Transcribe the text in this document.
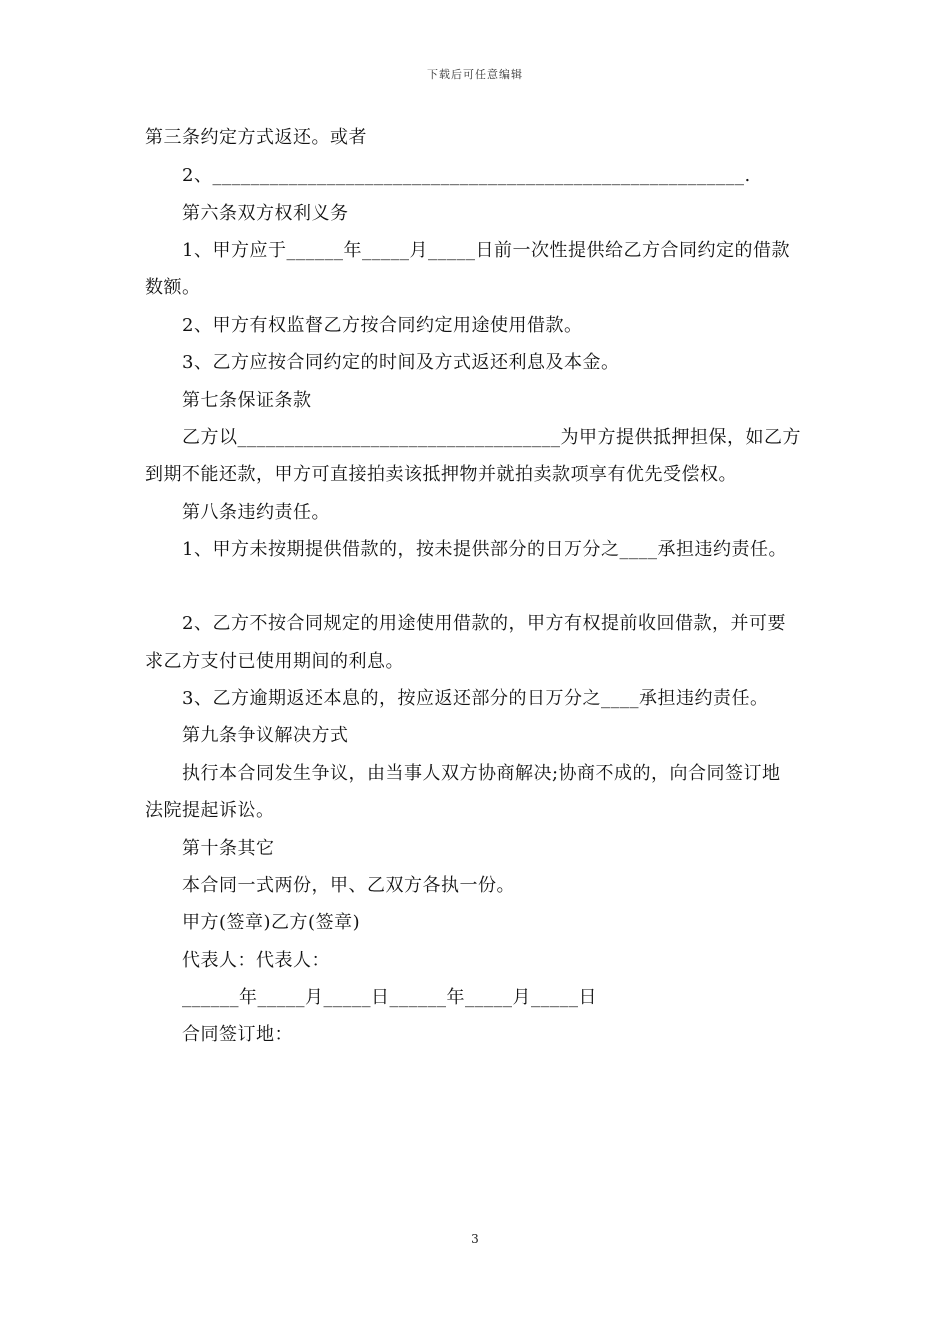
下载后可任意编辑
第三条约定方式返还。或者
2、________________________________________________________.
第六条双方权利义务
1、甲方应于______年_____月_____日前一次性提供给乙方合同约定的借款
数额。
2、甲方有权监督乙方按合同约定用途使用借款。
3、乙方应按合同约定的时间及方式返还利息及本金。
第七条保证条款
乙方以__________________________________为甲方提供抵押担保，如乙方
到期不能还款，甲方可直接拍卖该抵押物并就拍卖款项享有优先受偿权。
第八条违约责任。
1、甲方未按期提供借款的，按未提供部分的日万分之____承担违约责任。
2、乙方不按合同规定的用途使用借款的，甲方有权提前收回借款，并可要
求乙方支付已使用期间的利息。
3、乙方逾期返还本息的，按应返还部分的日万分之____承担违约责任。
第九条争议解决方式
执行本合同发生争议，由当事人双方协商解决;协商不成的，向合同签订地
法院提起诉讼。
第十条其它
本合同一式两份，甲、乙双方各执一份。
甲方(签章)乙方(签章)
代表人：代表人：
______年_____月_____日______年_____月_____日
合同签订地：
3
